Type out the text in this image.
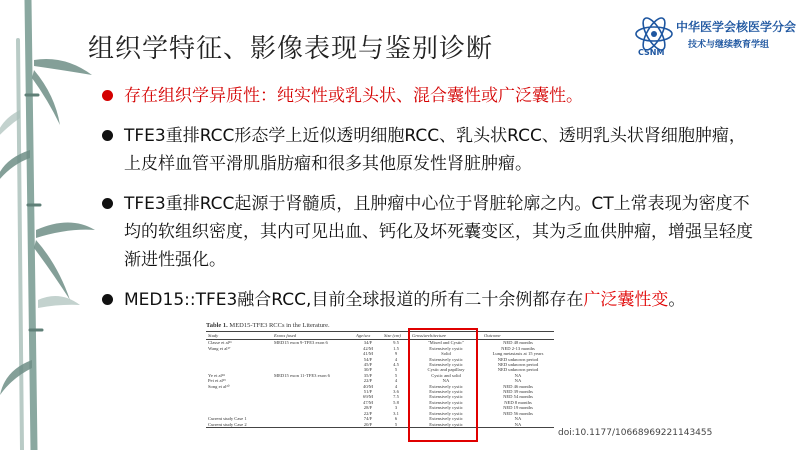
组织学特征、影像表现与鉴别诊断	CSNM
中华医学会核医学分会
技术与继续教育学组
存在组织学异质性：纯实性或乳头状、混合囊性或广泛囊性。
TFE3重排RCC形态学上近似透明细胞RCC、乳头状RCC、透明乳头状肾细胞肿瘤，上皮样血管平滑肌脂肪瘤和很多其他原发性肾脏肿瘤。
TFE3重排RCC起源于肾髓质，且肿瘤中心位于肾脏轮廓之内。CT上常表现为密度不均的软组织密度，其内可见出血、钙化及坏死囊变区，其为乏血供肿瘤，增强呈轻度渐进性强化。
MED15::TFE3融合RCC,目前全球报道的所有二十余例都存在广泛囊性变。
Table 1. MED15-TFE3 RCCs in the Literature.
Study	Exons fused	Age/sex	Size (cm)	Gross/architecture	Outcome
Classe et al¹⁶	MED15 exon 9-TFE3 exon 6	34/F	9.5	"Mixed and Cystic"	NED 48 months
Wang et al¹⁷		42/M	1.5	Extensively cystic	NED 2-13 months
		41/M	9	Solid	Lung metastasis at 15 years
		54/F	4	Extensively cystic	NED unknown period
		45/F	4.5	Extensively cystic	NED unknown period
		30/F	5	Cystic and papillary	NED unknown period
Ye et al¹⁸	MED15 exon 11-TFE3 exon 6	35/F	5	Cystic and solid	NA
Pei et al¹⁹		22/F	4	NA	NA
Song et al²⁰		40/M	4	Extensively cystic	NED 46 months
		51/F	3.6	Extensively cystic	NED 39 months
		69/M	7.5	Extensively cystic	NED 54 months
		47/M	5.8	Extensively cystic	NED 8 months
		28/F	3	Extensively cystic	NED 19 months
		22/F	3.1	Extensively cystic	NED 56 months
Current study Case 1		74/F	6	Extensively cystic	NA
Current study Case 2		20/F	5	Extensively cystic	NA
doi:10.1177/10668969221143455
